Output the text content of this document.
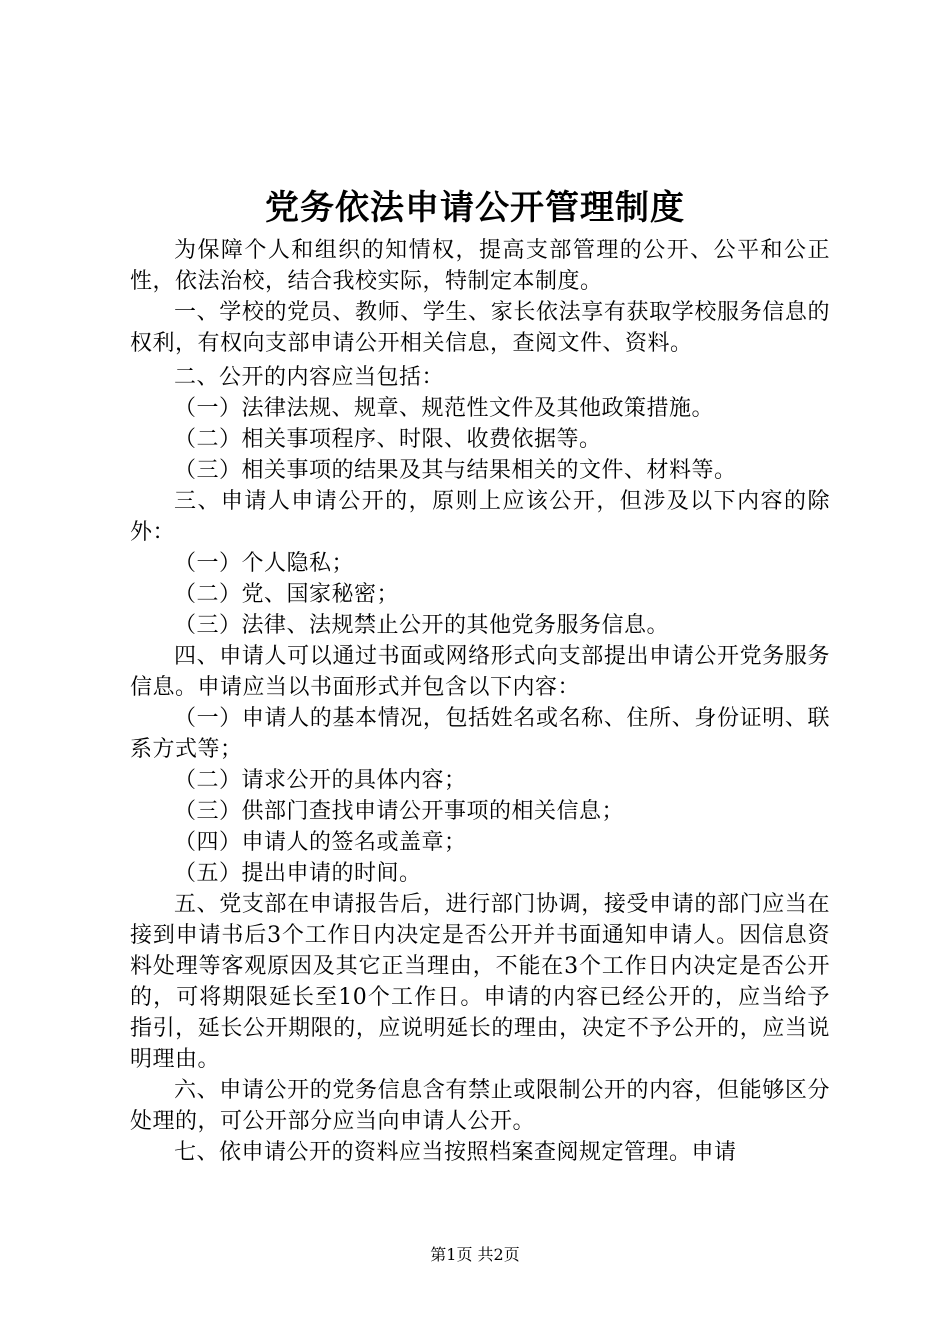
党务依法申请公开管理制度

为保障个人和组织的知情权，提高支部管理的公开、公平和公正性，依法治校，结合我校实际，特制定本制度。

一、学校的党员、教师、学生、家长依法享有获取学校服务信息的权利，有权向支部申请公开相关信息，查阅文件、资料。

二、公开的内容应当包括：

（一）法律法规、规章、规范性文件及其他政策措施。

（二）相关事项程序、时限、收费依据等。

（三）相关事项的结果及其与结果相关的文件、材料等。

三、申请人申请公开的，原则上应该公开，但涉及以下内容的除外：

（一）个人隐私；

（二）党、国家秘密；

（三）法律、法规禁止公开的其他党务服务信息。

四、申请人可以通过书面或网络形式向支部提出申请公开党务服务信息。申请应当以书面形式并包含以下内容：

（一）申请人的基本情况，包括姓名或名称、住所、身份证明、联系方式等；

（二）请求公开的具体内容；

（三）供部门查找申请公开事项的相关信息；

（四）申请人的签名或盖章；

（五）提出申请的时间。

五、党支部在申请报告后，进行部门协调，接受申请的部门应当在接到申请书后3个工作日内决定是否公开并书面通知申请人。因信息资料处理等客观原因及其它正当理由，不能在3个工作日内决定是否公开的，可将期限延长至10个工作日。申请的内容已经公开的，应当给予指引，延长公开期限的，应说明延长的理由，决定不予公开的，应当说明理由。

六、申请公开的党务信息含有禁止或限制公开的内容，但能够区分处理的，可公开部分应当向申请人公开。

七、依申请公开的资料应当按照档案查阅规定管理。申请

第1页 共2页
